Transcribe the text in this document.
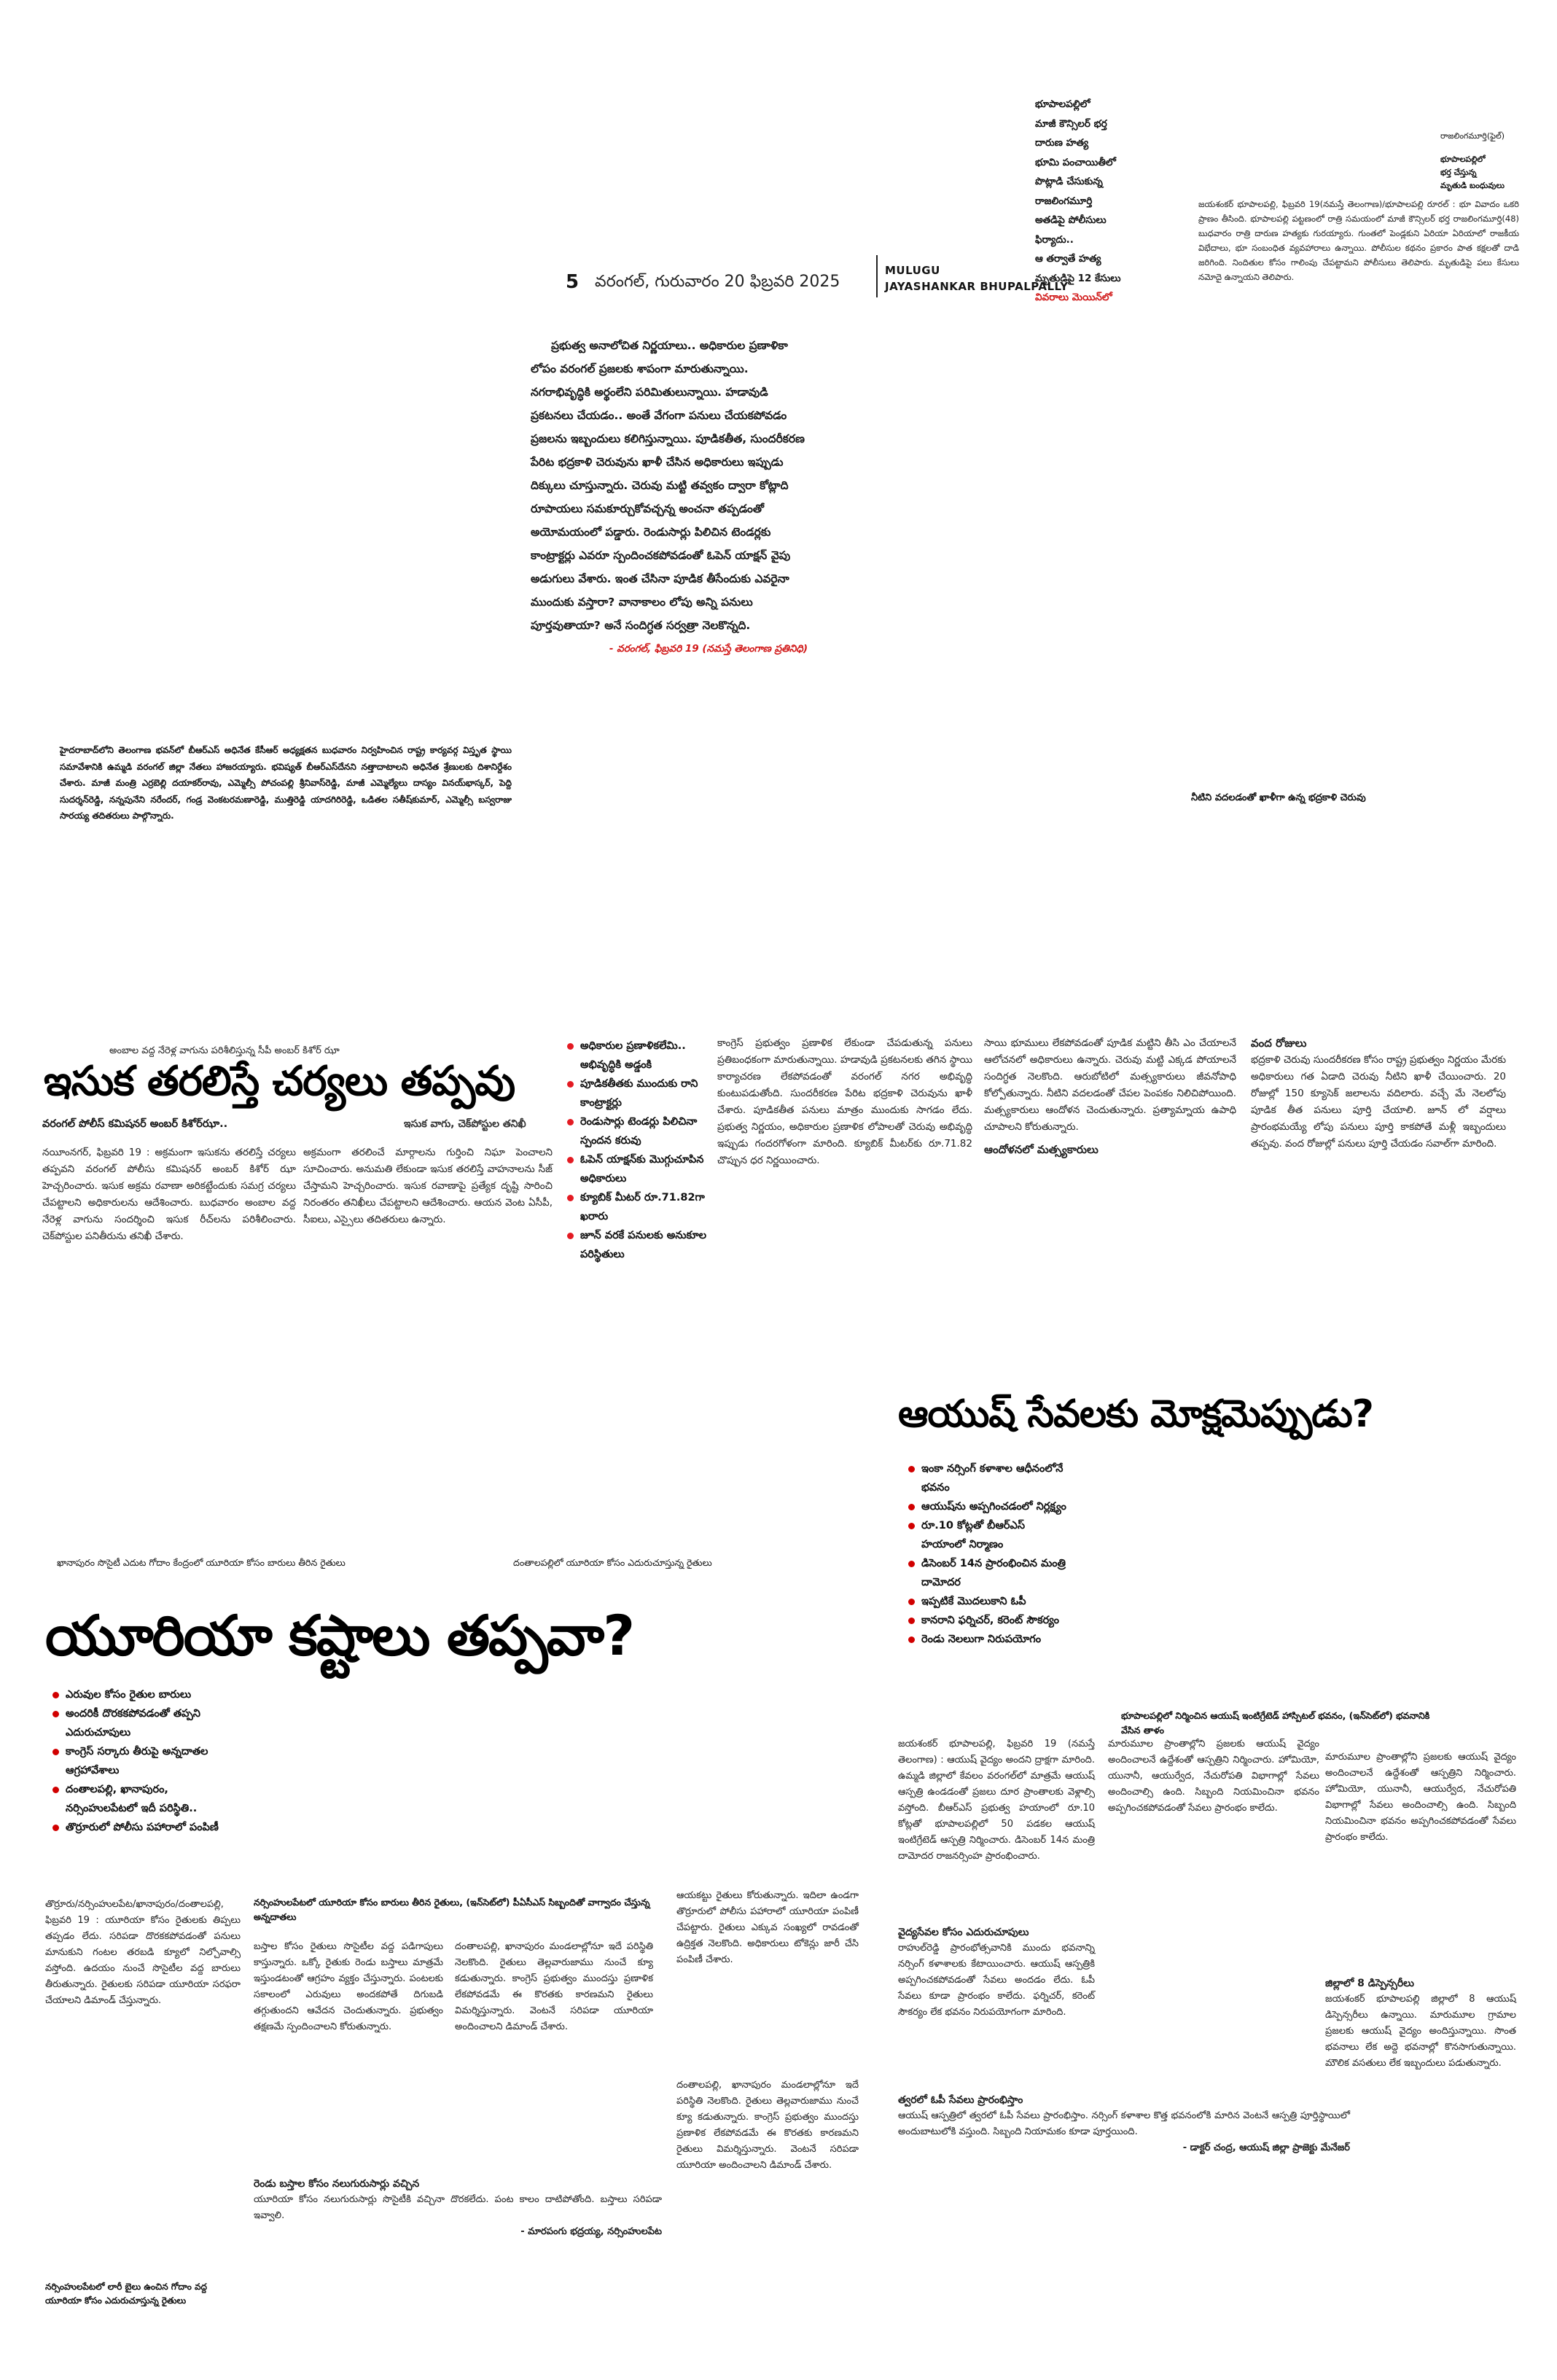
5 వరంగల్, గురువారం 20 ఫిబ్రవరి 2025
MULUGU
JAYASHANKAR BHUPALPALLY
భూపాలపల్లిలో
మాజీ కౌన్సిలర్ భర్త
దారుణ హత్య
భూమి పంచాయితీలో
పొట్లాడి చేసుకున్న
రాజలింగమూర్తి
అతడిపై పోలీసులు
ఫిర్యాదు..
ఆ తర్వాతే హత్య
మృతుడిపై 12 కేసులు
వివరాలు మెయిన్‌లో
రాజలింగమూర్తి(ఫైల్)
భూపాలపల్లిలో
భర్త చేస్తున్న
మృతుడి బంధువులు
జయశంకర్ భూపాలపల్లి, ఫిబ్రవరి 19(నమస్తే తెలంగాణ)/భూపాలపల్లి రూరల్ : భూ వివాదం ఒకరి ప్రాణం తీసింది. భూపాలపల్లి పట్టణంలో రాత్రి సమయంలో మాజీ కౌన్సిలర్ భర్త రాజలింగమూర్తి(48) బుధవారం రాత్రి దారుణ హత్యకు గురయ్యారు. గుంతలో పెండ్లకుని ఏరియా ఏరియాలో రాజకీయ విభేదాలు, భూ సంబంధిత వ్యవహారాలు ఉన్నాయి. పోలీసుల కథనం ప్రకారం పాత కక్షలతో దాడి జరిగింది. నిందితుల కోసం గాలింపు చేపట్టామని పోలీసులు తెలిపారు. మృతుడిపై పలు కేసులు నమోదై ఉన్నాయని తెలిపారు.

ప్రభుత్వ అనాలోచిత నిర్ణయాలు.. అధికారుల ప్రణాళికా లోపం వరంగల్ ప్రజలకు శాపంగా మారుతున్నాయి. నగరాభివృద్ధికి అర్థంలేని పరిమితులున్నాయి. హడావుడి ప్రకటనలు చేయడం.. అంతే వేగంగా పనులు చేయకపోవడం ప్రజలను ఇబ్బందులు కలిగిస్తున్నాయి. పూడికతీత, సుందరీకరణ పేరిట భద్రకాళి చెరువును ఖాళీ చేసిన అధికారులు ఇప్పుడు దిక్కులు చూస్తున్నారు. చెరువు మట్టి తవ్వకం ద్వారా కోట్లాది రూపాయలు సమకూర్చుకోవచ్చన్న అంచనా తప్పడంతో అయోమయంలో పడ్డారు. రెండుసార్లు పిలిచిన టెండర్లకు కాంట్రాక్టర్లు ఎవరూ స్పందించకపోవడంతో ఓపెన్ యాక్షన్ వైపు అడుగులు వేశారు. ఇంత చేసినా పూడిక తీసేందుకు ఎవరైనా ముందుకు వస్తారా? వానాకాలం లోపు అన్ని పనులు పూర్తవుతాయా? అనే సందిగ్ధత సర్వత్రా నెలకొన్నది.

- వరంగల్, ఫిబ్రవరి 19 (నమస్తే తెలంగాణ ప్రతినిధి)

హైదరాబాద్‌లోని తెలంగాణ భవన్‌లో బీఆర్‌ఎస్ అధినేత కేసీఆర్ అధ్యక్షతన బుధవారం నిర్వహించిన రాష్ట్ర కార్యవర్గ విస్తృత స్థాయి సమావేశానికి ఉమ్మడి వరంగల్ జిల్లా నేతలు హాజరయ్యారు. భవిష్యత్ బీఆర్‌ఎస్‌దేనని నత్తాదాటాలని అధినేత శ్రేణులకు దిశానిర్దేశం చేశారు. మాజీ మంత్రి ఎర్రబెల్లి దయాకర్‌రావు, ఎమ్మెల్సీ పోచంపల్లి శ్రీనివాస్‌రెడ్డి, మాజీ ఎమ్మెల్యేలు దాస్యం వినయ్‌భాస్కర్, పెద్ది సుదర్శన్‌రెడ్డి, నన్నపునేని నరేందర్, గండ్ర వెంకటరమణారెడ్డి, ముత్తిరెడ్డి యాదగిరిరెడ్డి, ఒడితల సతీష్‌కుమార్, ఎమ్మెల్సీ బస్వరాజు సారయ్య తదితరులు పాల్గొన్నారు.
నీటిని వదలడంతో ఖాళీగా ఉన్న భద్రకాళి చెరువు
అంబాల వద్ద నేరెళ్ల వాగును పరిశీలిస్తున్న సీపీ అంబర్ కిశోర్ ఝా
ఇసుక తరలిస్తే చర్యలు తప్పవు
వరంగల్ పోలీస్ కమిషనర్ అంబర్ కిశోర్‌ఝా..	ఇసుక వాగు, చెక్‌పోస్టుల తనిఖీ
నయీంనగర్, ఫిబ్రవరి 19 : అక్రమంగా ఇసుకను తరలిస్తే చర్యలు తప్పవని వరంగల్ పోలీసు కమిషనర్ అంబర్ కిశోర్ ఝా హెచ్చరించారు. ఇసుక అక్రమ రవాణా అరికట్టేందుకు సమగ్ర చర్యలు చేపట్టాలని అధికారులను ఆదేశించారు. బుధవారం అంబాల వద్ద నేరెళ్ల వాగును సందర్శించి ఇసుక రీచ్‌లను పరిశీలించారు. చెక్‌పోస్టుల పనితీరును తనిఖీ చేశారు.
అక్రమంగా తరలించే మార్గాలను గుర్తించి నిఘా పెంచాలని సూచించారు. అనుమతి లేకుండా ఇసుక తరలిస్తే వాహనాలను సీజ్ చేస్తామని హెచ్చరించారు. ఇసుక రవాణాపై ప్రత్యేక దృష్టి సారించి నిరంతరం తనిఖీలు చేపట్టాలని ఆదేశించారు. ఆయన వెంట ఏసీపీ, సీఐలు, ఎస్సైలు తదితరులు ఉన్నారు.
అధికారుల ప్రణాళికలేమి.. అభివృద్ధికి అడ్డంకి
పూడికతీతకు ముందుకు రాని కాంట్రాక్టర్లు
రెండుసార్లు టెండర్లు పిలిచినా స్పందన కరువు
ఓపెన్ యాక్షన్‌కు మొగ్గుచూపిన అధికారులు
క్యూబిక్ మీటర్ రూ.71.82గా ఖరారు
జూన్ వరకే పనులకు అనుకూల పరిస్థితులు
కాంగ్రెస్ ప్రభుత్వం ప్రణాళిక లేకుండా చేపడుతున్న పనులు ప్రతిబంధకంగా మారుతున్నాయి. హడావుడి ప్రకటనలకు తగిన స్థాయి కార్యాచరణ లేకపోవడంతో వరంగల్ నగర అభివృద్ధి కుంటుపడుతోంది. సుందరీకరణ పేరిట భద్రకాళి చెరువును ఖాళీ చేశారు. పూడికతీత పనులు మాత్రం ముందుకు సాగడం లేదు. ప్రభుత్వ నిర్ణయం, అధికారుల ప్రణాళిక లోపాలతో చెరువు అభివృద్ధి ఇప్పుడు గందరగోళంగా మారింది. క్యూబిక్ మీటర్‌కు రూ.71.82 చొప్పున ధర నిర్ణయించారు.

సాయి భూములు లేకపోవడంతో పూడిక మట్టిని తీసి ఎం చేయాలనే ఆలోచనలో అధికారులు ఉన్నారు. చెరువు మట్టి ఎక్కడ పోయాలనే సందిగ్ధత నెలకొంది. ఆరుబోటిలో మత్స్యకారులు జీవనోపాధి కోల్పోతున్నారు. నీటిని వదలడంతో చేపల పెంపకం నిలిచిపోయింది. మత్స్యకారులు ఆందోళన చెందుతున్నారు. ప్రత్యామ్నాయ ఉపాధి చూపాలని కోరుతున్నారు.

ఆందోళనలో మత్స్యకారులు

వంద రోజులు

భద్రకాళి చెరువు సుందరీకరణ కోసం రాష్ట్ర ప్రభుత్వం నిర్ణయం మేరకు అధికారులు గత ఏడాది చెరువు నీటిని ఖాళీ చేయించారు. 20 రోజుల్లో 150 క్యూసెక్ జలాలను వదిలారు. వచ్చే మే నెలలోపు పూడిక తీత పనులు పూర్తి చేయాలి. జూన్ లో వర్షాలు ప్రారంభమయ్యే లోపు పనులు పూర్తి కాకపోతే మళ్లీ ఇబ్బందులు తప్పవు. వంద రోజుల్లో పనులు పూర్తి చేయడం సవాల్‌గా మారింది.

ఆయుష్ సేవలకు మోక్షమెప్పుడు?
ఇంకా నర్సింగ్ కళాశాల ఆధీనంలోనే భవనం
ఆయుష్‌ను అప్పగించడంలో నిర్లక్ష్యం
రూ.10 కోట్లతో బీఆర్‌ఎస్ హయాంలో నిర్మాణం
డిసెంబర్ 14న ప్రారంభించిన మంత్రి దామోదర
ఇప్పటికే మొదలుకాని ఓపీ
కానరాని ఫర్నిచర్, కరెంట్ సౌకర్యం
రెండు నెలలుగా నిరుపయోగం
భూపాలపల్లిలో నిర్మించిన ఆయుష్ ఇంటిగ్రేటెడ్ హాస్పిటల్ భవనం, (ఇన్‌సెట్‌లో) భవనానికి వేసిన తాళం
జయశంకర్ భూపాలపల్లి, ఫిబ్రవరి 19 (నమస్తే తెలంగాణ) : ఆయుష్ వైద్యం అందని ద్రాక్షగా మారింది. ఉమ్మడి జిల్లాలో కేవలం వరంగల్‌లో మాత్రమే ఆయుష్ ఆస్పత్రి ఉండడంతో ప్రజలు దూర ప్రాంతాలకు వెళ్లాల్సి వస్తోంది. బీఆర్‌ఎస్ ప్రభుత్వ హయాంలో రూ.10 కోట్లతో భూపాలపల్లిలో 50 పడకల ఆయుష్ ఇంటిగ్రేటెడ్ ఆస్పత్రి నిర్మించారు. డిసెంబర్ 14న మంత్రి దామోదర రాజనర్సింహ ప్రారంభించారు.

వైద్యసేవల కోసం ఎదురుచూపులు

రాహుల్‌రెడ్డి ప్రారంభోత్సవానికి ముందు భవనాన్ని నర్సింగ్ కళాశాలకు కేటాయించారు. ఆయుష్ ఆస్పత్రికి అప్పగించకపోవడంతో సేవలు అందడం లేదు. ఓపీ సేవలు కూడా ప్రారంభం కాలేదు. ఫర్నిచర్, కరెంట్ సౌకర్యం లేక భవనం నిరుపయోగంగా మారింది.

త్వరలో ఓపీ సేవలు ప్రారంభిస్తాం

ఆయుష్ ఆస్పత్రిలో త్వరలో ఓపీ సేవలు ప్రారంభిస్తాం. నర్సింగ్ కళాశాల కొత్త భవనంలోకి మారిన వెంటనే ఆస్పత్రి పూర్తిస్థాయిలో అందుబాటులోకి వస్తుంది. సిబ్బంది నియామకం కూడా పూర్తయింది.

- డాక్టర్ చంద్ర, ఆయుష్ జిల్లా ప్రాజెక్టు మేనేజర్

మారుమూల ప్రాంతాల్లోని ప్రజలకు ఆయుష్ వైద్యం అందించాలనే ఉద్దేశంతో ఆస్పత్రిని నిర్మించారు. హోమియో, యునానీ, ఆయుర్వేద, నేచురోపతి విభాగాల్లో సేవలు అందించాల్సి ఉంది. సిబ్బంది నియమించినా భవనం అప్పగించకపోవడంతో సేవలు ప్రారంభం కాలేదు.

మారుమూల ప్రాంతాల్లోని ప్రజలకు ఆయుష్ వైద్యం అందించాలనే ఉద్దేశంతో ఆస్పత్రిని నిర్మించారు. హోమియో, యునానీ, ఆయుర్వేద, నేచురోపతి విభాగాల్లో సేవలు అందించాల్సి ఉంది. సిబ్బంది నియమించినా భవనం అప్పగించకపోవడంతో సేవలు ప్రారంభం కాలేదు.

జిల్లాలో 8 డిస్పెన్సరీలు

జయశంకర్ భూపాలపల్లి జిల్లాలో 8 ఆయుష్ డిస్పెన్సరీలు ఉన్నాయి. మారుమూల గ్రామాల ప్రజలకు ఆయుష్ వైద్యం అందిస్తున్నాయి. సొంత భవనాలు లేక అద్దె భవనాల్లో కొనసాగుతున్నాయి. మౌలిక వసతులు లేక ఇబ్బందులు పడుతున్నారు.

ఖానాపురం సొసైటీ ఎదుట గోదాం కేంద్రంలో యూరియా కోసం బారులు తీరిన రైతులు	దంతాలపల్లిలో యూరియా కోసం ఎదురుచూస్తున్న రైతులు
యూరియా కష్టాలు తప్పవా?
ఎరువుల కోసం రైతుల బారులు
అందరికీ దొరకకపోవడంతో తప్పని ఎదురుచూపులు
కాంగ్రెస్ సర్కారు తీరుపై అన్నదాతల ఆగ్రహావేశాలు
దంతాలపల్లి, ఖానాపురం, నర్సింహులపేటలో ఇదీ పరిస్థితి..
తొర్రూరులో పోలీసు పహారాలో పంపిణీ
తొర్రూరు/నర్సింహులపేట/ఖానాపురం/దంతాలపల్లి, ఫిబ్రవరి 19 : యూరియా కోసం రైతులకు తిప్పలు తప్పడం లేదు. సరిపడా దొరకకపోవడంతో పనులు మానుకుని గంటల తరబడి క్యూలో నిల్చోవాల్సి వస్తోంది. ఉదయం నుంచే సొసైటీల వద్ద బారులు తీరుతున్నారు. రైతులకు సరిపడా యూరియా సరఫరా చేయాలని డిమాండ్ చేస్తున్నారు.
నర్సింహులపేటలో యూరియా కోసం బారులు తీరిన రైతులు, (ఇన్‌సెట్‌లో) పీఏసీఎస్ సిబ్బందితో వాగ్వాదం చేస్తున్న అన్నదాతలు
బస్తాల కోసం రైతులు సొసైటీల వద్ద పడిగాపులు కాస్తున్నారు. ఒక్కో రైతుకు రెండు బస్తాలు మాత్రమే ఇస్తుండటంతో ఆగ్రహం వ్యక్తం చేస్తున్నారు. పంటలకు సకాలంలో ఎరువులు అందకపోతే దిగుబడి తగ్గుతుందని ఆవేదన చెందుతున్నారు. ప్రభుత్వం తక్షణమే స్పందించాలని కోరుతున్నారు.
దంతాలపల్లి, ఖానాపురం మండలాల్లోనూ ఇదే పరిస్థితి నెలకొంది. రైతులు తెల్లవారుజాము నుంచే క్యూ కడుతున్నారు. కాంగ్రెస్ ప్రభుత్వం ముందస్తు ప్రణాళిక లేకపోవడమే ఈ కొరతకు కారణమని రైతులు విమర్శిస్తున్నారు. వెంటనే సరిపడా యూరియా అందించాలని డిమాండ్ చేశారు.

రెండు బస్తాల కోసం నలుగురుసార్లు వచ్చిన

యూరియా కోసం నలుగురుసార్లు సొసైటీకి వచ్చినా దొరకలేదు. పంట కాలం దాటిపోతోంది. బస్తాలు సరిపడా ఇవ్వాలి.

- మారపంగు భద్రయ్య, నర్సింహులపేట

ఆయకట్టు రైతులు కోరుతున్నారు. ఇదిలా ఉండగా తొర్రూరులో పోలీసు పహారాలో యూరియా పంపిణీ చేపట్టారు. రైతులు ఎక్కువ సంఖ్యలో రావడంతో ఉద్రిక్తత నెలకొంది. అధికారులు టోకెన్లు జారీ చేసి పంపిణీ చేశారు.
దంతాలపల్లి, ఖానాపురం మండలాల్లోనూ ఇదే పరిస్థితి నెలకొంది. రైతులు తెల్లవారుజాము నుంచే క్యూ కడుతున్నారు. కాంగ్రెస్ ప్రభుత్వం ముందస్తు ప్రణాళిక లేకపోవడమే ఈ కొరతకు కారణమని రైతులు విమర్శిస్తున్నారు. వెంటనే సరిపడా యూరియా అందించాలని డిమాండ్ చేశారు.
నర్సింహులపేటలో లారీ బైలు ఉంచిన గోదాం వద్ద యూరియా కోసం ఎదురుచూస్తున్న రైతులు
